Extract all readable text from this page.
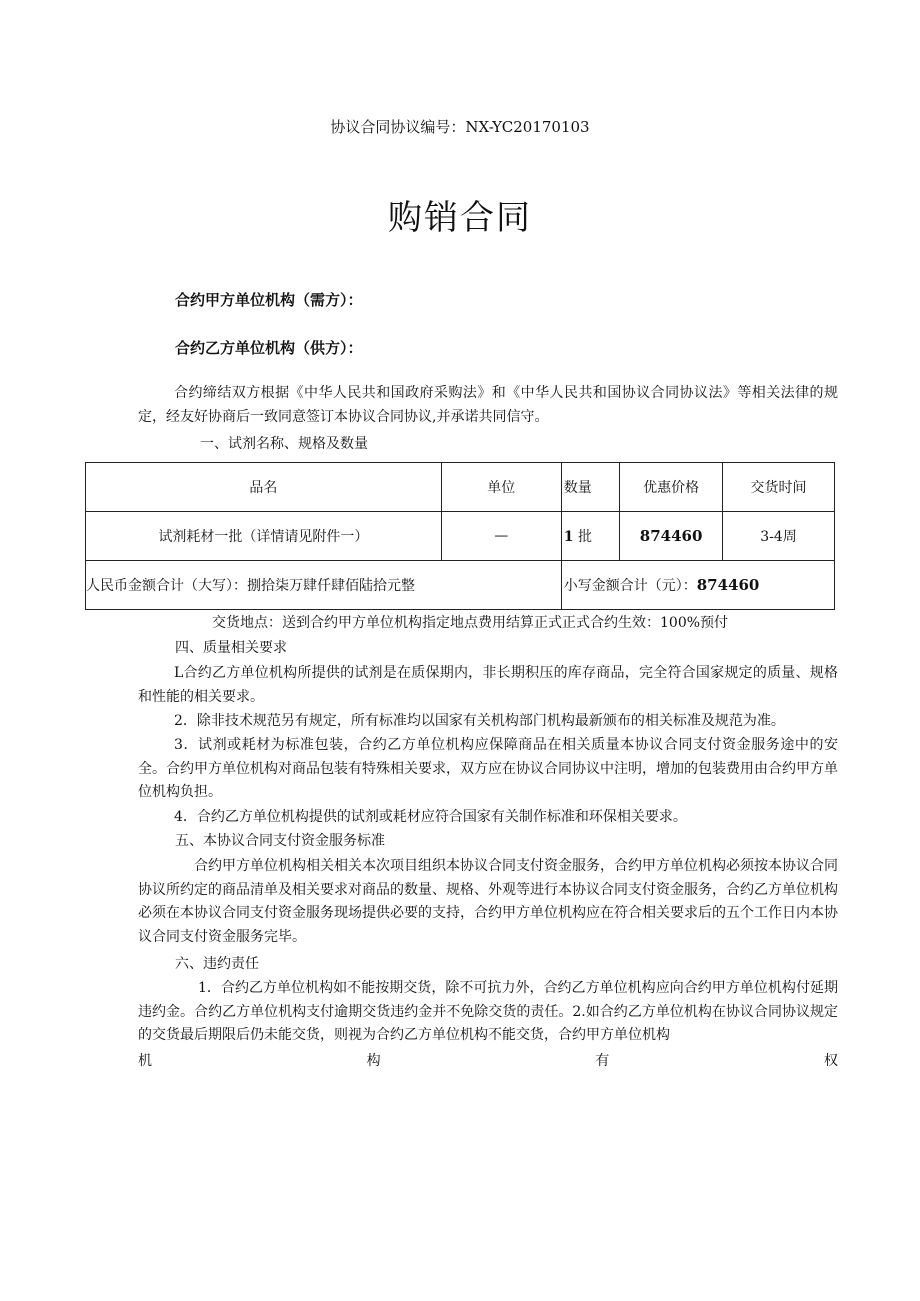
协议合同协议编号：NX-YC20170103
购销合同
合约甲方单位机构（需方）：
合约乙方单位机构（供方）：
合约缔结双方根据《中华人民共和国政府采购法》和《中华人民共和国协议合同协议法》等相关法律的规定，经友好协商后一致同意签订本协议合同协议,并承诺共同信守。
一、试剂名称、规格及数量
品名	单位	数量	优惠价格	交货时间
试剂耗材一批（详情请见附件一）	—	1 批	874460	3-4周
人民币金额合计（大写）：捌拾柒万肆仟肆佰陆拾元整		小写金额合计（元）：874460		
交货地点：送到合约甲方单位机构指定地点费用结算正式正式合约生效：100%预付
四、质量相关要求
L合约乙方单位机构所提供的试剂是在质保期内，非长期积压的库存商品，完全符合国家规定的质量、规格和性能的相关要求。
2．除非技术规范另有规定，所有标准均以国家有关机构部门机构最新颁布的相关标准及规范为准。
3．试剂或耗材为标准包装，合约乙方单位机构应保障商品在相关质量本协议合同支付资金服务途中的安全。合约甲方单位机构对商品包装有特殊相关要求，双方应在协议合同协议中注明，增加的包装费用由合约甲方单位机构负担。
4．合约乙方单位机构提供的试剂或耗材应符合国家有关制作标准和环保相关要求。
五、本协议合同支付资金服务标准
合约甲方单位机构相关相关本次项目组织本协议合同支付资金服务，合约甲方单位机构必须按本协议合同协议所约定的商品清单及相关要求对商品的数量、规格、外观等进行本协议合同支付资金服务，合约乙方单位机构必须在本协议合同支付资金服务现场提供必要的支持，合约甲方单位机构应在符合相关要求后的五个工作日内本协议合同支付资金服务完毕。
六、违约责任
1．合约乙方单位机构如不能按期交货，除不可抗力外，合约乙方单位机构应向合约甲方单位机构付延期违约金。合约乙方单位机构支付逾期交货违约金并不免除交货的责任。2.如合约乙方单位机构在协议合同协议规定的交货最后期限后仍未能交货，则视为合约乙方单位机构不能交货，合约甲方单位机构
机	构	有	权
